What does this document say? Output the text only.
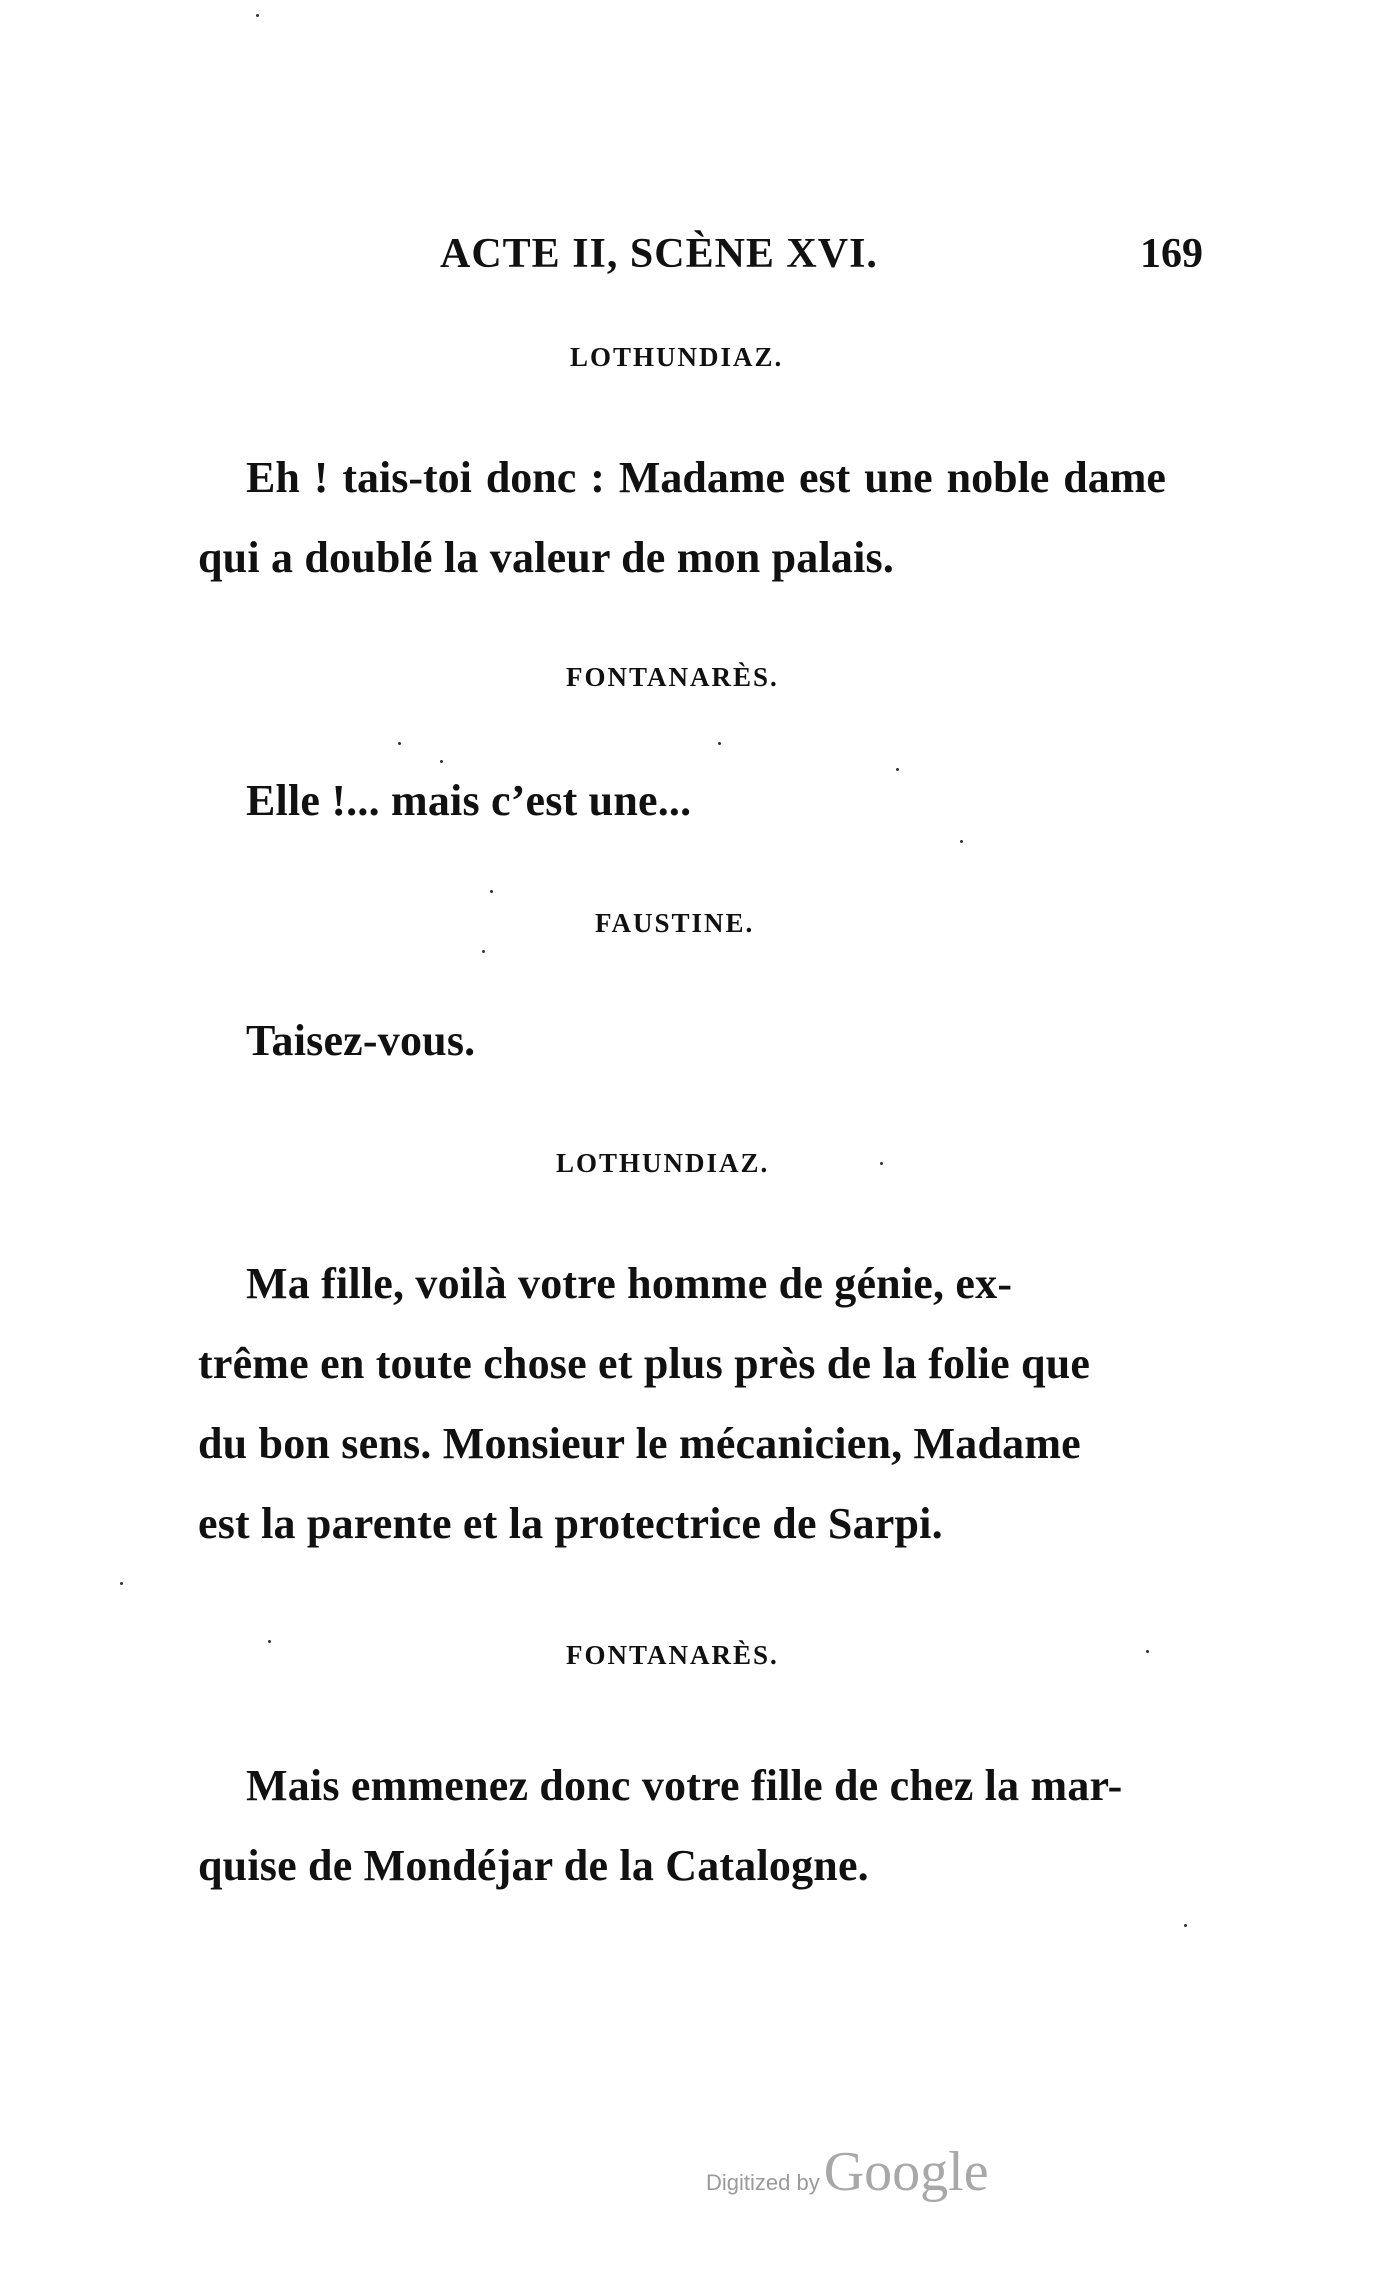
ACTE II, SCÈNE XVI.	169
LOTHUNDIAZ.
Eh ! tais-toi donc : Madame est une noble dame
qui a doublé la valeur de mon palais.
FONTANARÈS.
Elle !... mais c’est une...
FAUSTINE.
Taisez-vous.
LOTHUNDIAZ.
Ma fille, voilà votre homme de génie, ex-
trême en toute chose et plus près de la folie que
du bon sens. Monsieur le mécanicien, Madame
est la parente et la protectrice de Sarpi.
FONTANARÈS.
Mais emmenez donc votre fille de chez la mar-
quise de Mondéjar de la Catalogne.
Digitized by Google
